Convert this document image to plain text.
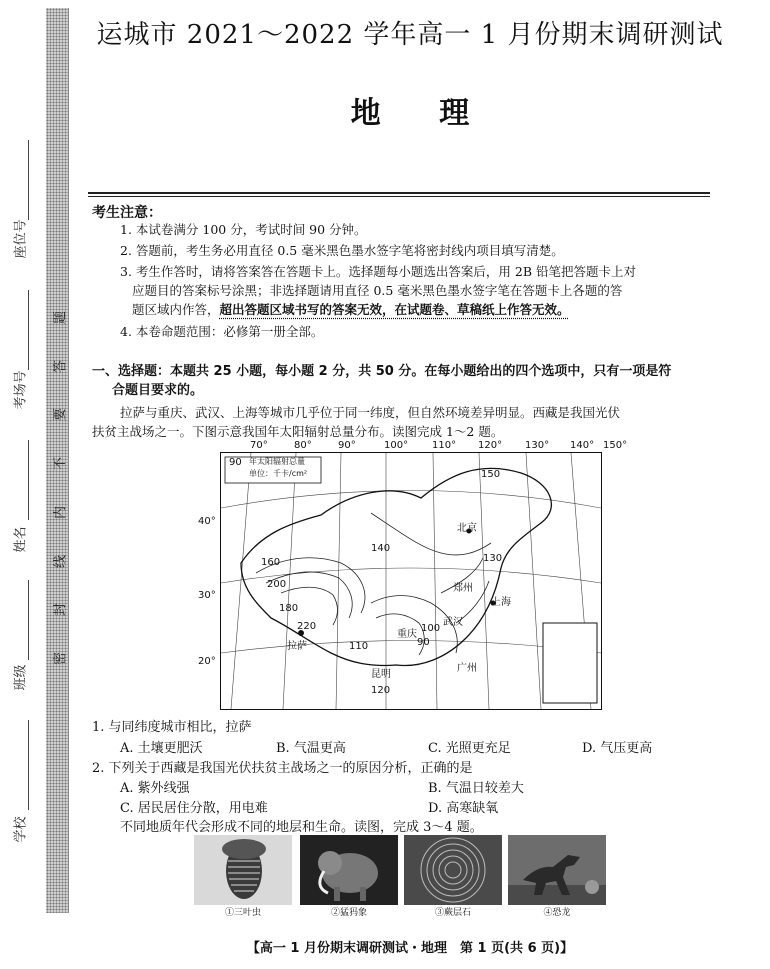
题
答
要
不
内
线
封
密
座位号
考场号
姓名
班级
学校
运城市 2021～2022 学年高一 1 月份期末调研测试
地 理
考生注意：
1. 本试卷满分 100 分，考试时间 90 分钟。
2. 答题前，考生务必用直径 0.5 毫米黑色墨水签字笔将密封线内项目填写清楚。
3. 考生作答时，请将答案答在答题卡上。选择题每小题选出答案后，用 2B 铅笔把答题卡上对
应题目的答案标号涂黑；非选择题请用直径 0.5 毫米黑色墨水签字笔在答题卡上各题的答
题区域内作答，超出答题区域书写的答案无效，在试题卷、草稿纸上作答无效。
4. 本卷命题范围：必修第一册全部。
一、选择题：本题共 25 小题，每小题 2 分，共 50 分。在每小题给出的四个选项中，只有一项是符
合题目要求的。
拉萨与重庆、武汉、上海等城市几乎位于同一纬度，但自然环境差异明显。西藏是我国光伏
扶贫主战场之一。下图示意我国年太阳辐射总量分布。读图完成 1～2 题。
70°	80°	90°	100° 110° 120° 130° 140° 150°
40°
30°
20°
90 年太阳辐射总量
单位：千卡/cm²
北京
郑州
武汉
上海
重庆
拉萨
昆明
广州
160
200
220
180
140
120
110
100
90
130
150
1. 与同纬度城市相比，拉萨
A. 土壤更肥沃	B. 气温更高	C. 光照更充足	D. 气压更高
2. 下列关于西藏是我国光伏扶贫主战场之一的原因分析，正确的是
A. 紫外线强	B. 气温日较差大
C. 居民居住分散，用电难	D. 高寒缺氧
不同地质年代会形成不同的地层和生命。读图，完成 3～4 题。
①三叶虫	②猛犸象	③蕨层石	④恐龙
【高一 1 月份期末调研测试・地理　第 1 页(共 6 页)】
